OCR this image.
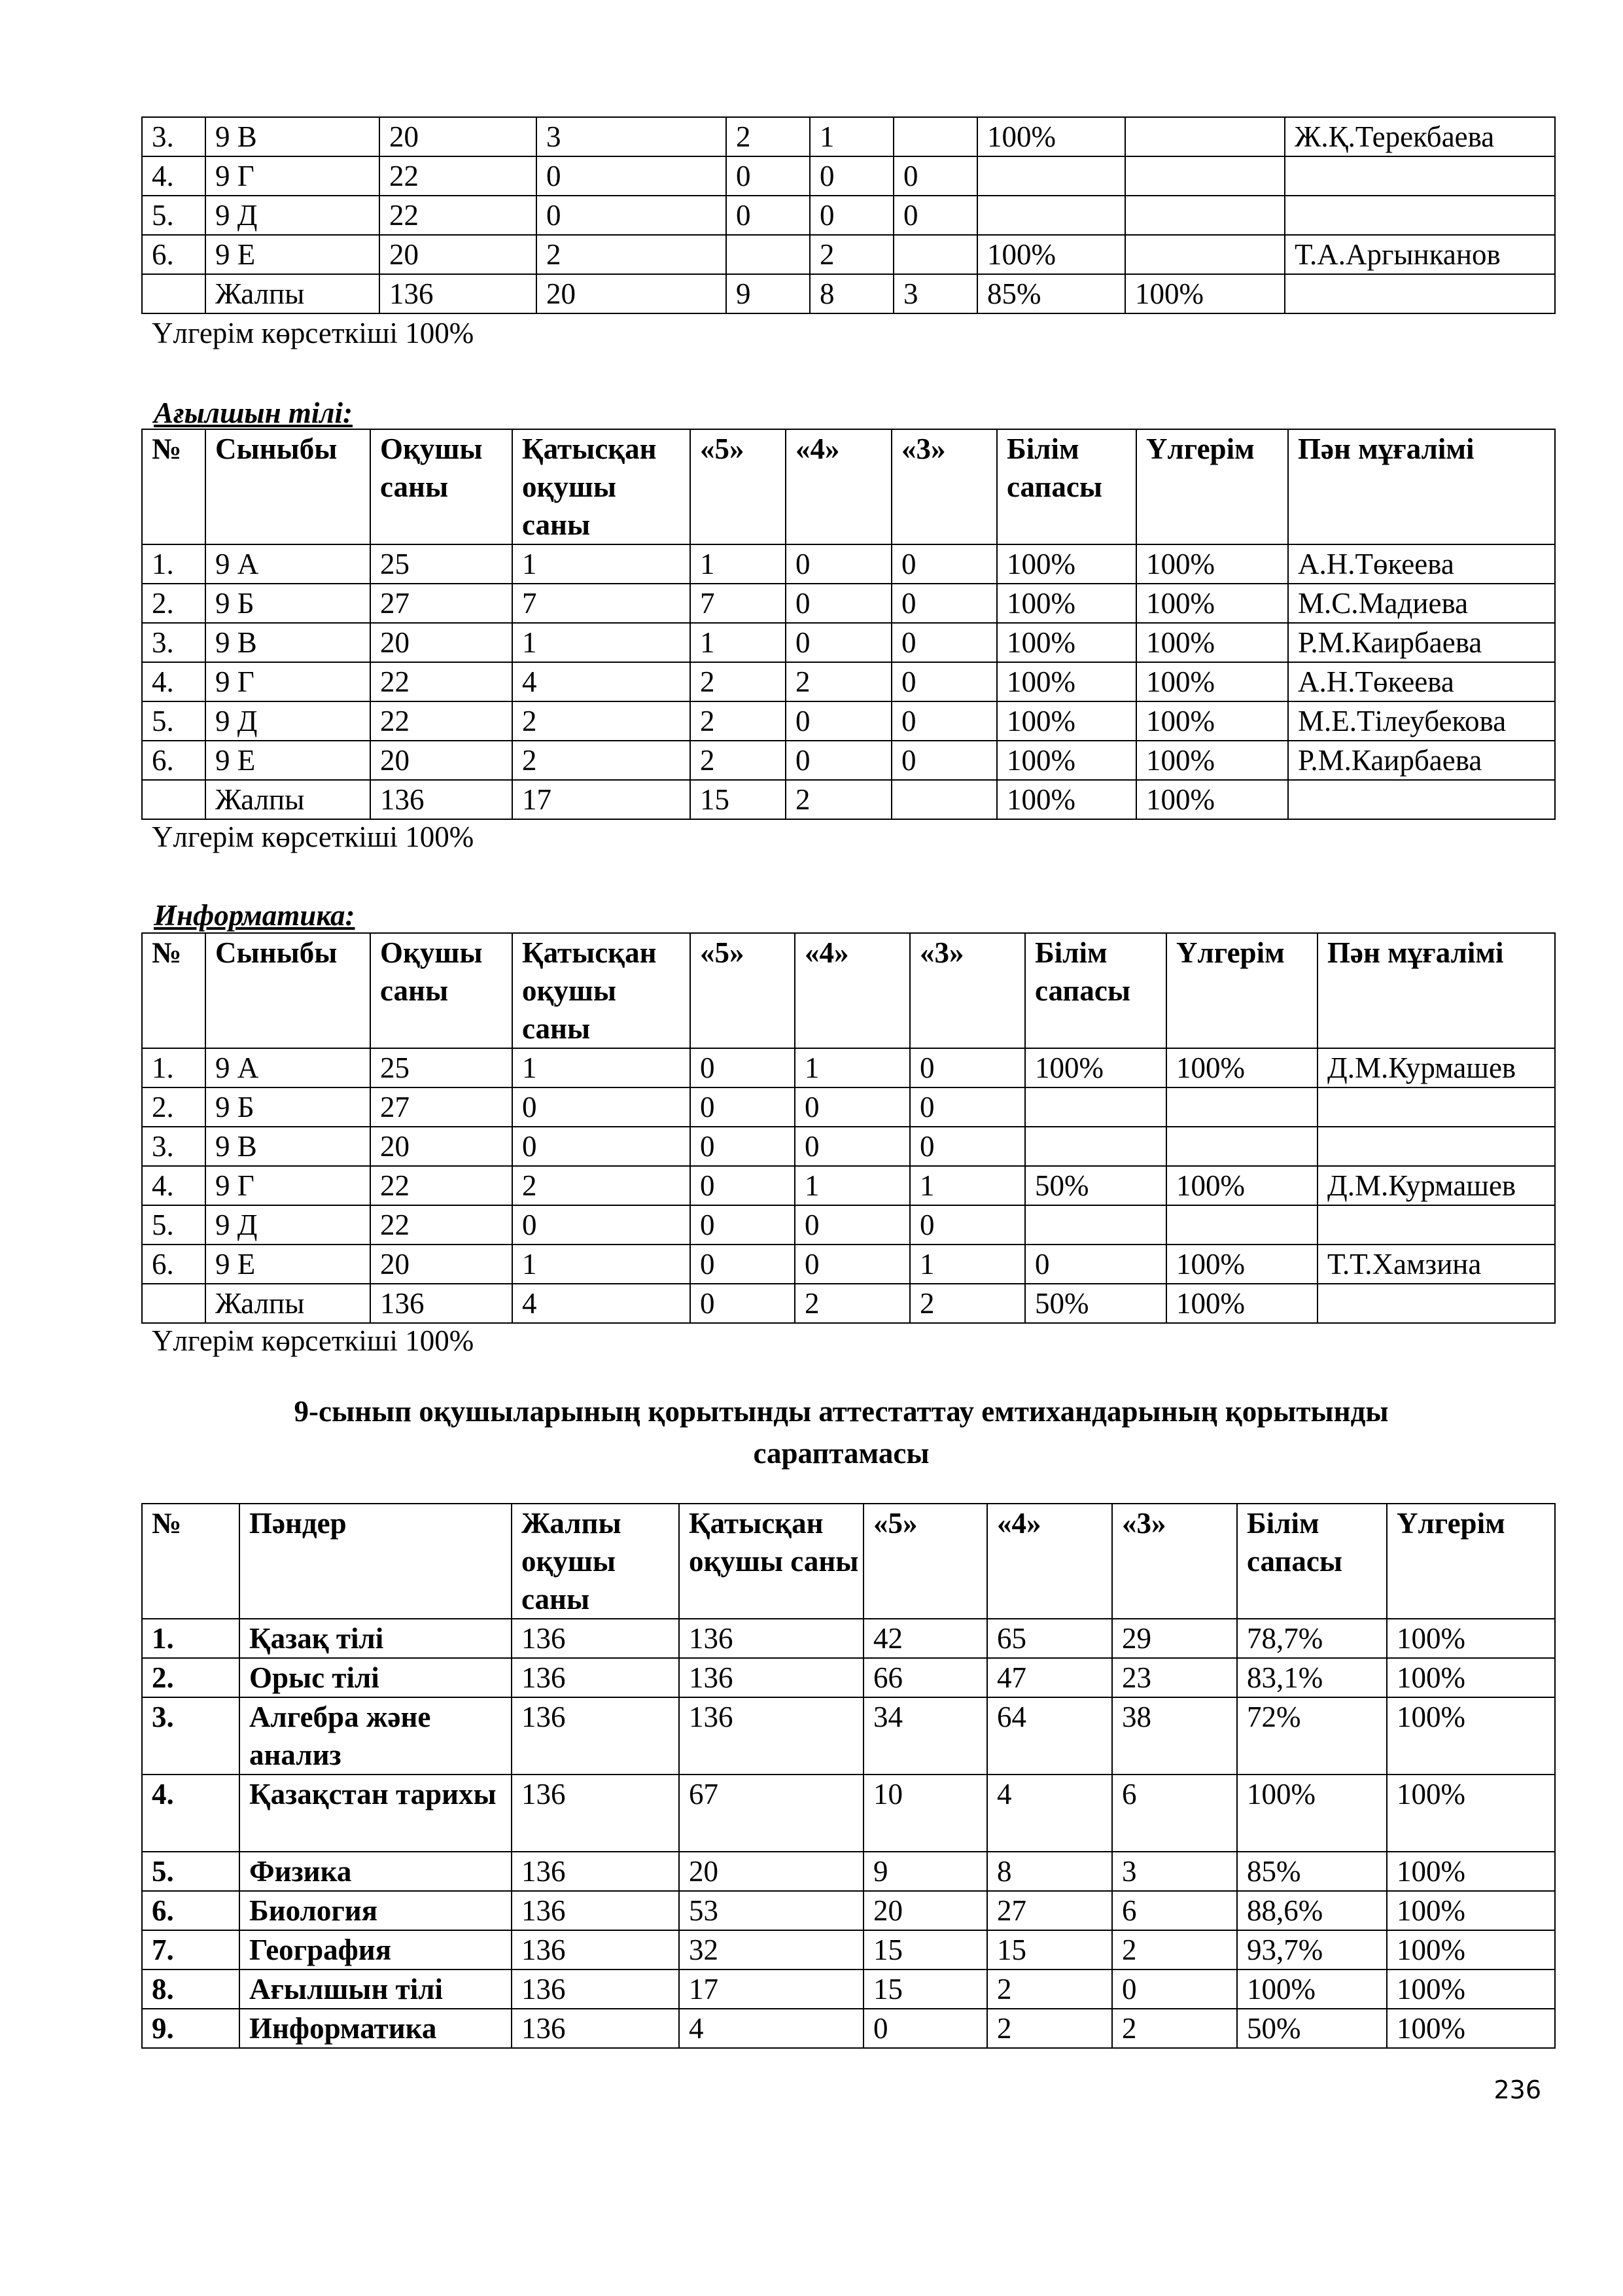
3.	9 В	20	3	2	1		100%		Ж.Қ.Терекбаева
4.	9 Г	22	0	0	0	0			
5.	9 Д	22	0	0	0	0			
6.	9 Е	20	2		2		100%		Т.А.Аргынканов
	Жалпы	136	20	9	8	3	85%	100%	
Үлгерім көрсеткіші 100%
Ағылшын тілі:
№	Сыныбы	Оқушы саны	Қатысқан оқушы саны	«5»	«4»	«3»	Білім сапасы	Үлгерім	Пән мұғалімі
1.	9 А	25	1	1	0	0	100%	100%	А.Н.Төкеева
2.	9 Б	27	7	7	0	0	100%	100%	М.С.Мадиева
3.	9 В	20	1	1	0	0	100%	100%	Р.М.Каирбаева
4.	9 Г	22	4	2	2	0	100%	100%	А.Н.Төкеева
5.	9 Д	22	2	2	0	0	100%	100%	М.Е.Тілеубекова
6.	9 Е	20	2	2	0	0	100%	100%	Р.М.Каирбаева
	Жалпы	136	17	15	2		100%	100%	
Үлгерім көрсеткіші 100%
Информатика:
№	Сыныбы	Оқушы саны	Қатысқан оқушы саны	«5»	«4»	«3»	Білім сапасы	Үлгерім	Пән мұғалімі
1.	9 А	25	1	0	1	0	100%	100%	Д.М.Курмашев
2.	9 Б	27	0	0	0	0			
3.	9 В	20	0	0	0	0			
4.	9 Г	22	2	0	1	1	50%	100%	Д.М.Курмашев
5.	9 Д	22	0	0	0	0			
6.	9 Е	20	1	0	0	1	0	100%	Т.Т.Хамзина
	Жалпы	136	4	0	2	2	50%	100%	
Үлгерім көрсеткіші 100%
9-сынып оқушыларының қорытынды аттестаттау емтихандарының қорытынды
сараптамасы
№	Пәндер	Жалпы оқушы саны	Қатысқан оқушы саны	«5»	«4»	«3»	Білім сапасы	Үлгерім
1.	Қазақ тілі	136	136	42	65	29	78,7%	100%
2.	Орыс тілі	136	136	66	47	23	83,1%	100%
3.	Алгебра және анализ	136	136	34	64	38	72%	100%
4.	Қазақстан тарихы	136	67	10	4	6	100%	100%
5.	Физика	136	20	9	8	3	85%	100%
6.	Биология	136	53	20	27	6	88,6%	100%
7.	География	136	32	15	15	2	93,7%	100%
8.	Ағылшын тілі	136	17	15	2	0	100%	100%
9.	Информатика	136	4	0	2	2	50%	100%
236
